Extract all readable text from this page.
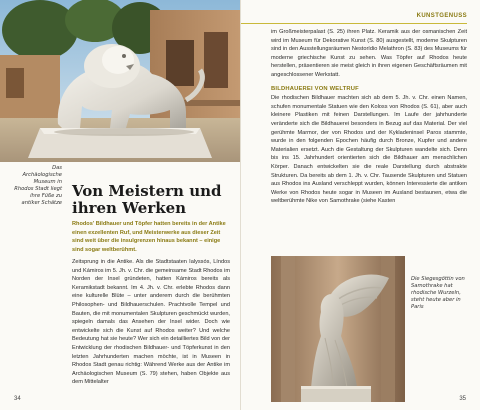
Das Archäologische Museum in Rhodos Stadt liegt ihre Füße zu antiker Schätze
Von Meistern und ihren Werken

Rhodos' Bildhauer und Töpfer hatten bereits in der Antike einen exzellenten Ruf, und Meisterwerke aus dieser Zeit sind weit über die insulgrenzen hinaus bekannt – einige sind sogar weltberühmt.

Zeitsprung in die Antike. Als die Stadtstaaten Ialyssós, Líndos und Kámiros im 5. Jh. v. Chr. die gemeinsame Stadt Rhodos im Norden der Insel gründeten, hatten Kámiros bereits als Keramikstadt bekannt. Im 4. Jh. v. Chr. erlebte Rhodos dann eine kulturelle Blüte – unter anderem durch die berühmten Philosophen- und Bildhauerschulen. Prachtvolle Tempel und Bauten, die mit monumentalen Skulpturen geschmückt wurden, spiegeln damals das Ansehen der Insel wider. Doch wie entwickelte sich die Kunst auf Rhodos weiter? Und welche Bedeutung hat sie heute? Wer sich ein detailliertes Bild von der Entwicklung der rhodischen Bildhauer- und Töpferkunst in den letzten Jahrhunderten machen möchte, ist in Museen in Rhodos Stadt genau richtig: Während Werke aus der Antike im Archäologischen Museum (S. 79) stehen, haben Objekte aus dem Mittelalter

34
KUNSTGENUSS

im Großmeisterpalast (S. 25) ihren Platz. Keramik aus der osmanischen Zeit wird im Museum für Dekorative Kunst (S. 80) ausgestellt, moderne Skulpturen sind in den Ausstellungsräumen Nestorídio Melathron (S. 83) des Museums für moderne griechische Kunst zu sehen. Was Töpfer auf Rhodos heute herstellen, präsentieren sie meist gleich in ihren eigenen Geschäftsräumen mit angeschlossener Werkstatt.

BILDHAUEREI VON WELTRUF

Die rhodischen Bildhauer machten sich ab dem 5. Jh. v. Chr. einen Namen, schufen monumentale Statuen wie den Koloss von Rhodos (S. 61), aber auch kleinere Plastiken mit feinen Darstellungen. Im Laufe der jahrhunderte veränderte sich die Bildhauerei besonders in Bezug auf das Material. Der viel gerühmte Marmor, der von Rhodos und der Kykladeninsel Paros stammte, wurde in den folgenden Epochen häufig durch Bronze, Kupfer und andere Materialien ersetzt. Auch die Gestaltung der Skulpturen wandelte sich. Denn bis ins 15. Jahrhundert orientierten sich die Bildhauer am menschlichen Körper. Danach entwickelten sie die reale Darstellung durch abstrakte Strukturen. Da bereits ab dem 1. Jh. v. Chr. Tausende Skulpturen und Statuen aus Rhodos ins Ausland verschleppt wurden, können Interessierte die antiken Werke von Rhodos heute sogar in Museen im Ausland bestaunen, etwa die weltberühmte Nike von Samothrake (siehe Kasten

Die Siegesgöttin von Samothrake hat rhodische Wurzeln, steht heute aber in Paris
35
